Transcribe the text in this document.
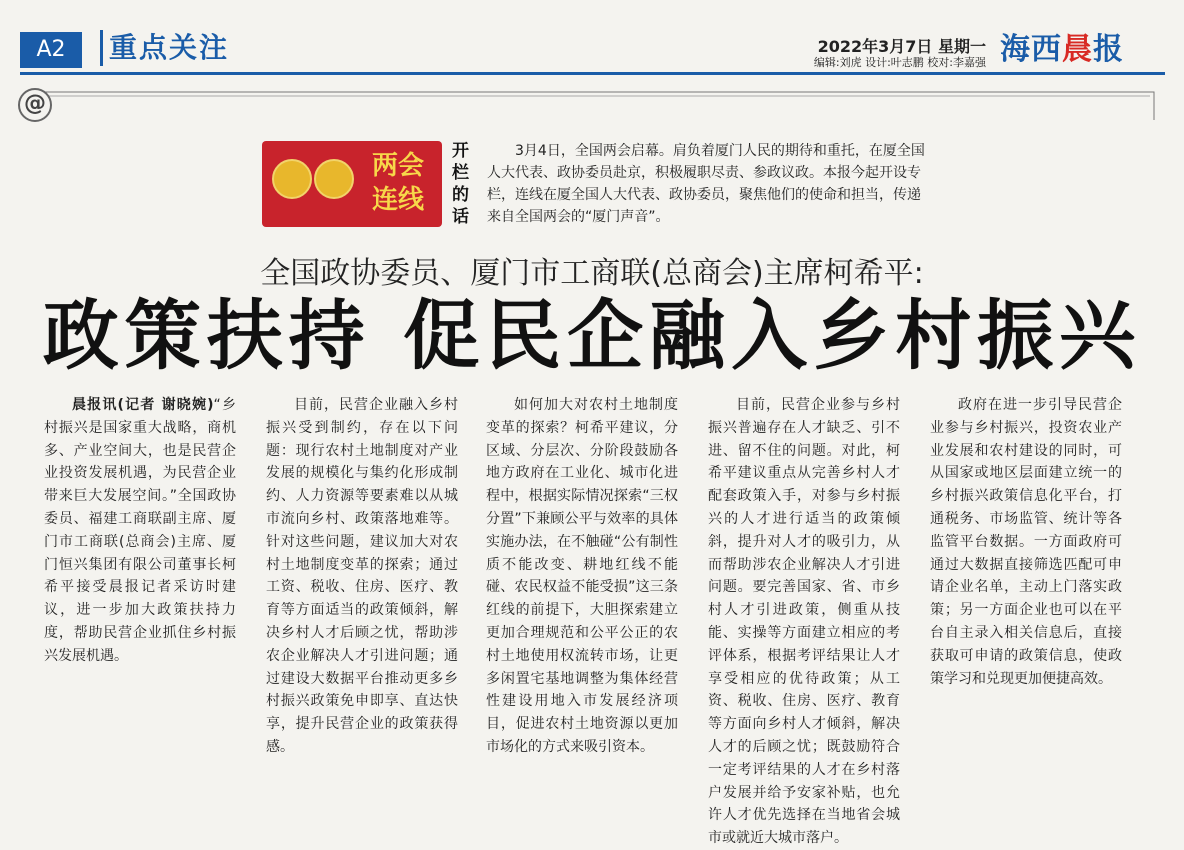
A2	重点关注	2022年3月7日 星期一
编辑:刘虎 设计:叶志鹏 校对:李嘉强 海西晨报
@
两会
连线
开栏的话
3月4日，全国两会启幕。肩负着厦门人民的期待和重托，在厦全国人大代表、政协委员赴京，积极履职尽责、参政议政。本报今起开设专栏，连线在厦全国人大代表、政协委员，聚焦他们的使命和担当，传递来自全国两会的“厦门声音”。
全国政协委员、厦门市工商联(总商会)主席柯希平:
政策扶持 促民企融入乡村振兴

晨报讯(记者 谢晓婉)“乡村振兴是国家重大战略，商机多、产业空间大，也是民营企业投资发展机遇，为民营企业带来巨大发展空间。”全国政协委员、福建工商联副主席、厦门市工商联(总商会)主席、厦门恒兴集团有限公司董事长柯希平接受晨报记者采访时建议，进一步加大政策扶持力度，帮助民营企业抓住乡村振兴发展机遇。

目前，民营企业融入乡村振兴受到制约，存在以下问题：现行农村土地制度对产业发展的规模化与集约化形成制约、人力资源等要素难以从城市流向乡村、政策落地难等。针对这些问题，建议加大对农村土地制度变革的探索；通过工资、税收、住房、医疗、教育等方面适当的政策倾斜，解决乡村人才后顾之忧，帮助涉农企业解决人才引进问题；通过建设大数据平台推动更多乡村振兴政策免申即享、直达快享，提升民营企业的政策获得感。

如何加大对农村土地制度变革的探索？柯希平建议，分区域、分层次、分阶段鼓励各地方政府在工业化、城市化进程中，根据实际情况探索“三权分置”下兼顾公平与效率的具体实施办法，在不触碰“公有制性质不能改变、耕地红线不能碰、农民权益不能受损”这三条红线的前提下，大胆探索建立更加合理规范和公平公正的农村土地使用权流转市场，让更多闲置宅基地调整为集体经营性建设用地入市发展经济项目，促进农村土地资源以更加市场化的方式来吸引资本。

目前，民营企业参与乡村振兴普遍存在人才缺乏、引不进、留不住的问题。对此，柯希平建议重点从完善乡村人才配套政策入手，对参与乡村振兴的人才进行适当的政策倾斜，提升对人才的吸引力，从而帮助涉农企业解决人才引进问题。要完善国家、省、市乡村人才引进政策，侧重从技能、实操等方面建立相应的考评体系，根据考评结果让人才享受相应的优待政策；从工资、税收、住房、医疗、教育等方面向乡村人才倾斜，解决人才的后顾之忧；既鼓励符合一定考评结果的人才在乡村落户发展并给予安家补贴，也允许人才优先选择在当地省会城市或就近大城市落户。

政府在进一步引导民营企业参与乡村振兴，投资农业产业发展和农村建设的同时，可从国家或地区层面建立统一的乡村振兴政策信息化平台，打通税务、市场监管、统计等各监管平台数据。一方面政府可通过大数据直接筛选匹配可申请企业名单，主动上门落实政策；另一方面企业也可以在平台自主录入相关信息后，直接获取可申请的政策信息，使政策学习和兑现更加便捷高效。
